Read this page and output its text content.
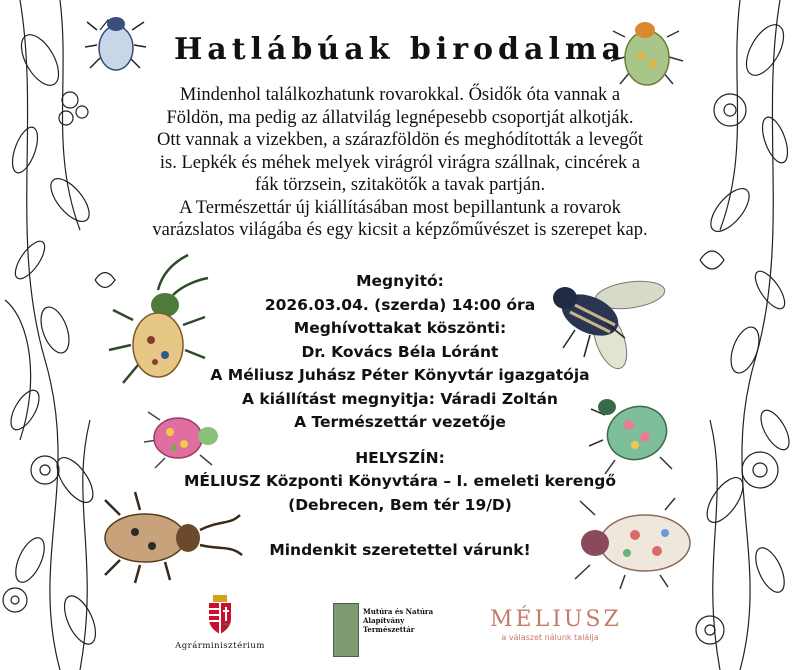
Hatlábúak birodalma
Mindenhol találkozhatunk rovarokkal. Ősidők óta vannak a
Földön, ma pedig az állatvilág legnépesebb csoportját alkotják.
Ott vannak a vizekben, a szárazföldön és meghódították a levegőt
is. Lepkék és méhek melyek virágról virágra szállnak, cincérek a
fák törzsein, szitakötők a tavak partján.
A Természettár új kiállításában most bepillantunk a rovarok
varázslatos világába és egy kicsit a képzőművészet is szerepet kap.
Megnyitó:
2026.03.04. (szerda) 14:00 óra
Meghívottakat köszönti:
Dr. Kovács Béla Lóránt
A Méliusz Juhász Péter Könyvtár igazgatója
A kiállítást megnyitja: Váradi Zoltán
A Természettár vezetője
HELYSZÍN:
MÉLIUSZ Központi Könyvtára – I. emeleti kerengő
(Debrecen, Bem tér 19/D)
Mindenkit szeretettel várunk!
Agrárminisztérium
Mutúra és Natúra
Alapítvány
Természettár	MÉLIUSZ
a válaszet nálunk találja
